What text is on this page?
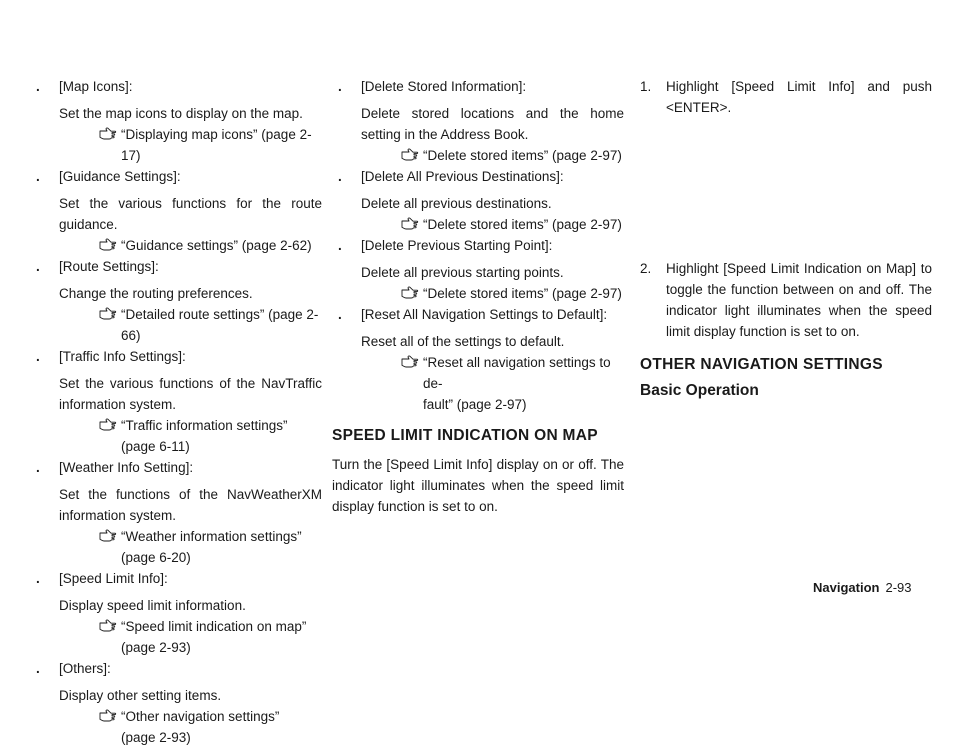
. [Map Icons]:
Set the map icons to display on the map.
“Displaying map icons” (page 2-17)
. [Guidance Settings]:
Set the various functions for the route guidance.
“Guidance settings” (page 2-62)
. [Route Settings]:
Change the routing preferences.
“Detailed route settings” (page 2-66)
. [Traffic Info Settings]:
Set the various functions of the NavTraffic information system.
“Traffic information settings”
(page 6-11)
. [Weather Info Setting]:
Set the functions of the NavWeatherXM information system.
“Weather information settings”
(page 6-20)
. [Speed Limit Info]:
Display speed limit information.
“Speed limit indication on map”
(page 2-93)
. [Others]:
Display other setting items.
“Other navigation settings”
(page 2-93)
. [Delete Stored Information]:
Delete stored locations and the home setting in the Address Book.
“Delete stored items” (page 2-97)
. [Delete All Previous Destinations]:
Delete all previous destinations.
“Delete stored items” (page 2-97)
. [Delete Previous Starting Point]:
Delete all previous starting points.
“Delete stored items” (page 2-97)
. [Reset All Navigation Settings to Default]:
Reset all of the settings to default.
“Reset all navigation settings to de-
fault” (page 2-97)
SPEED LIMIT INDICATION ON MAP
Turn the [Speed Limit Info] display on or off. The indicator light illuminates when the speed limit display function is set to on.
1. Highlight [Speed Limit Info] and push <ENTER>.
2. Highlight [Speed Limit Indication on Map] to toggle the function between on and off. The indicator light illuminates when the speed limit display function is set to on.
OTHER NAVIGATION SETTINGS
Basic Operation
Navigation 2-93
